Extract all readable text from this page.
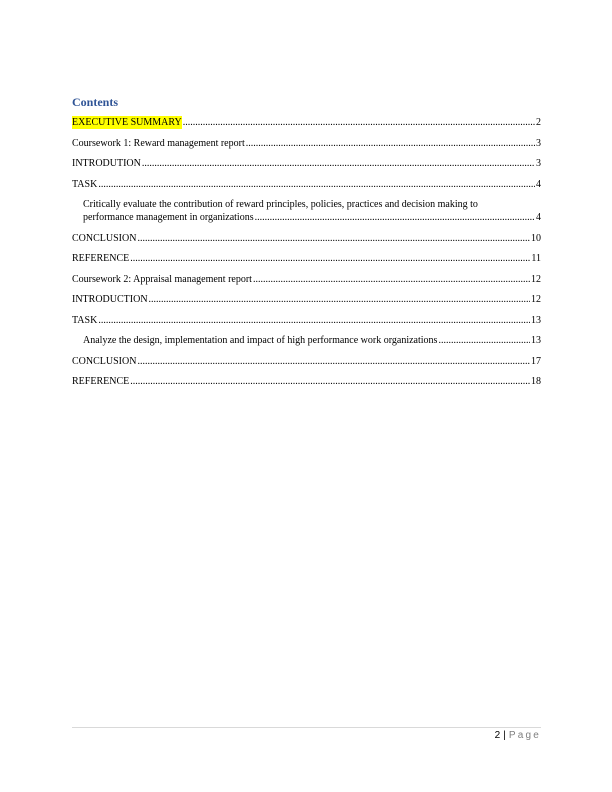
Contents
EXECUTIVE SUMMARY .....	2
Coursework 1: Reward management report .....	3
INTRODUTION .....	3
TASK .....	4
Critically evaluate the contribution of reward principles, policies, practices and decision making to
performance management in organizations .....	4
CONCLUSION .....	10
REFERENCE .....	11
Coursework 2: Appraisal management report .....	12
INTRODUCTION .....	12
TASK .....	13
Analyze the design, implementation and impact of high performance work organizations .....	13
CONCLUSION .....	17
REFERENCE .....	18
2 | Page
